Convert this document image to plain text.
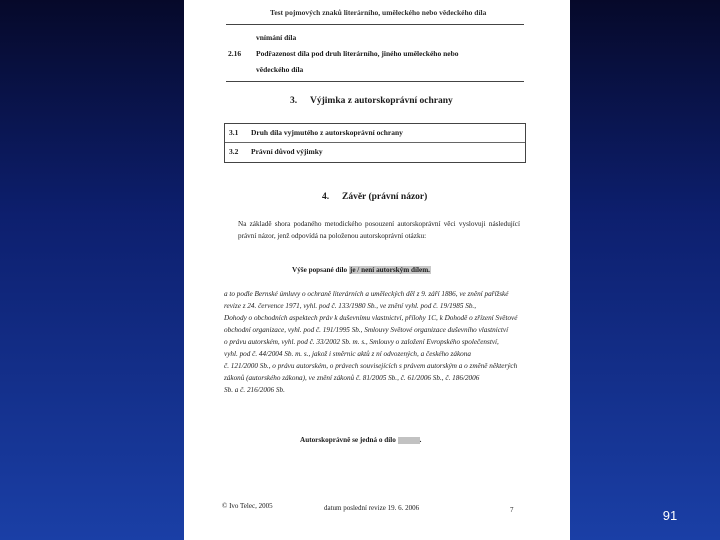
Test pojmových znaků literárního, uměleckého nebo vědeckého díla
vnímání díla
2.16 Podřazenost díla pod druh literárního, jiného uměleckého nebo
vědeckého díla
3. Výjimka z autorskoprávní ochrany
3.1 Druh díla vyjmutého z autorskoprávní ochrany
3.2 Právní důvod výjimky
4. Závěr (právní názor)
Na základě shora podaného metodického posouzení autorskoprávní věci vyslovuji následující právní názor, jenž odpovídá na položenou autorskoprávní otázku:
Výše popsané dílo je / není autorským dílem.
a to podle Bernské úmluvy o ochraně literárních a uměleckých děl z 9. září 1886, ve znění pařížské
revize z 24. července 1971, vyhl. pod č. 133/1980 Sb., ve znění vyhl. pod č. 19/1985 Sb.,
Dohody o obchodních aspektech práv k duševnímu vlastnictví, přílohy 1C, k Dohodě o zřízení Světové
obchodní organizace, vyhl. pod č. 191/1995 Sb., Smlouvy Světové organizace duševního vlastnictví
o právu autorském, vyhl. pod č. 33/2002 Sb. m. s., Smlouvy o založení Evropského společenství,
vyhl. pod č. 44/2004 Sb. m. s., jakož i směrnic aktů z ní odvozených, a českého zákona
č. 121/2000 Sb., o právu autorském, o právech souvisejících s právem autorským a o změně některých
zákonů (autorského zákona), ve znění zákonů č. 81/2005 Sb., č. 61/2006 Sb., č. 186/2006
Sb. a č. 216/2006 Sb.
Autorskoprávně se jedná o dílo	.
© Ivo Telec, 2005	datum poslední revize 19. 6. 2006	7	91
